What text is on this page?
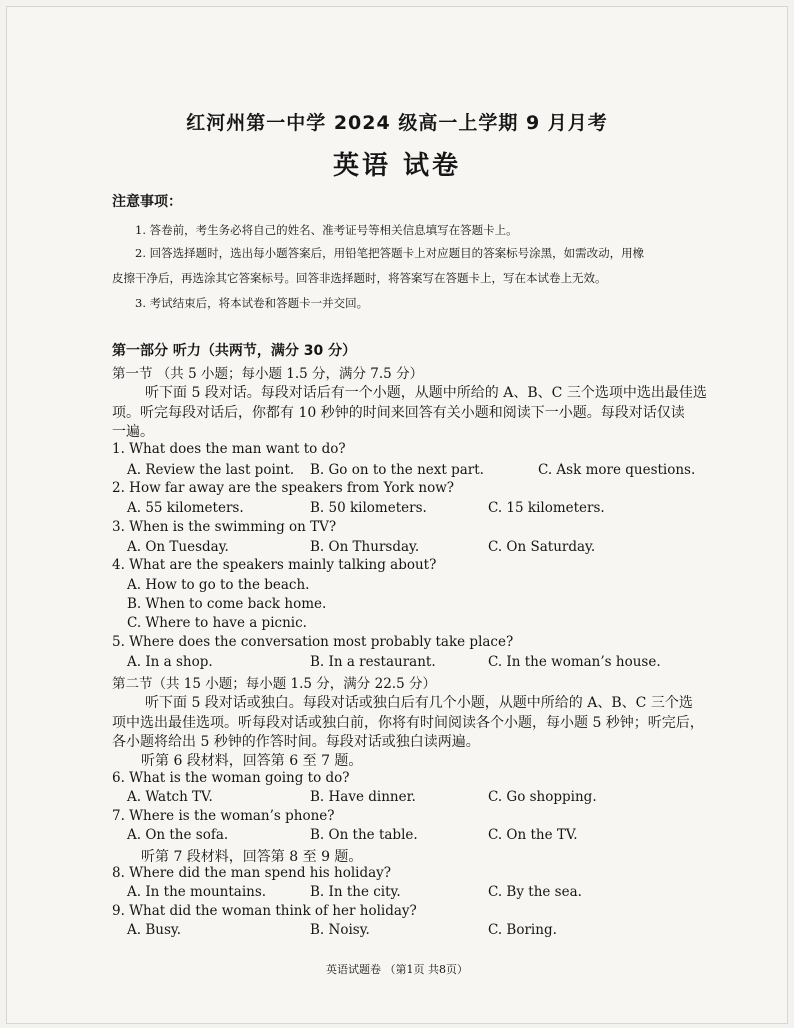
红河州第一中学 2024 级高一上学期 9 月月考
英语 试卷
注意事项：
1. 答卷前，考生务必将自己的姓名、准考证号等相关信息填写在答题卡上。
2. 回答选择题时，选出每小题答案后，用铅笔把答题卡上对应题目的答案标号涂黑，如需改动，用橡
皮擦干净后，再选涂其它答案标号。回答非选择题时，将答案写在答题卡上，写在本试卷上无效。
3. 考试结束后，将本试卷和答题卡一并交回。
第一部分 听力（共两节，满分 30 分）
第一节 （共 5 小题；每小题 1.5 分，满分 7.5 分）
听下面 5 段对话。每段对话后有一个小题，从题中所给的 A、B、C 三个选项中选出最佳选
项。听完每段对话后，你都有 10 秒钟的时间来回答有关小题和阅读下一小题。每段对话仅读
一遍。
1. What does the man want to do?
A. Review the last point. B. Go on to the next part.	C. Ask more questions.
2. How far away are the speakers from York now?
A. 55 kilometers.	B. 50 kilometers.	C. 15 kilometers.
3. When is the swimming on TV?
A. On Tuesday.	B. On Thursday.	C. On Saturday.
4. What are the speakers mainly talking about?
A. How to go to the beach.
B. When to come back home.
C. Where to have a picnic.
5. Where does the conversation most probably take place?
A. In a shop.	B. In a restaurant.	C. In the woman’s house.
第二节（共 15 小题；每小题 1.5 分，满分 22.5 分）
听下面 5 段对话或独白。每段对话或独白后有几个小题，从题中所给的 A、B、C 三个选
项中选出最佳选项。听每段对话或独白前，你将有时间阅读各个小题，每小题 5 秒钟；听完后，
各小题将给出 5 秒钟的作答时间。每段对话或独白读两遍。
听第 6 段材料，回答第 6 至 7 题。
6. What is the woman going to do?
A. Watch TV.	B. Have dinner.	C. Go shopping.
7. Where is the woman’s phone?
A. On the sofa.	B. On the table.	C. On the TV.
听第 7 段材料，回答第 8 至 9 题。
8. Where did the man spend his holiday?
A. In the mountains.	B. In the city.	C. By the sea.
9. What did the woman think of her holiday?
A. Busy.	B. Noisy.	C. Boring.
英语试题卷 （第1页 共8页）
